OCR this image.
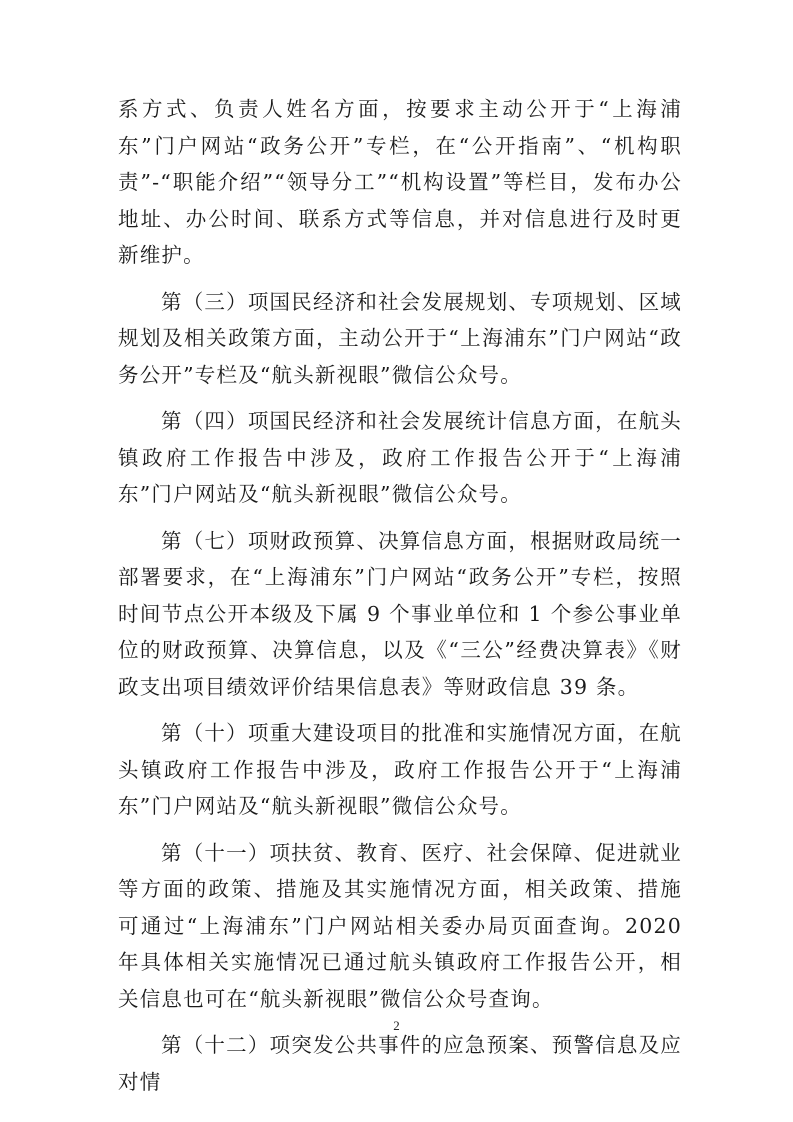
系方式、负责人姓名方面，按要求主动公开于“上海浦东”门户网站“政务公开”专栏，在“公开指南”、“机构职责”-“职能介绍”“领导分工”“机构设置”等栏目，发布办公地址、办公时间、联系方式等信息，并对信息进行及时更新维护。

第（三）项国民经济和社会发展规划、专项规划、区域规划及相关政策方面，主动公开于“上海浦东”门户网站“政务公开”专栏及“航头新视眼”微信公众号。

第（四）项国民经济和社会发展统计信息方面，在航头镇政府工作报告中涉及，政府工作报告公开于“上海浦东”门户网站及“航头新视眼”微信公众号。

第（七）项财政预算、决算信息方面，根据财政局统一部署要求，在“上海浦东”门户网站“政务公开”专栏，按照时间节点公开本级及下属 9 个事业单位和 1 个参公事业单位的财政预算、决算信息，以及《“三公”经费决算表》《财政支出项目绩效评价结果信息表》等财政信息 39 条。

第（十）项重大建设项目的批准和实施情况方面，在航头镇政府工作报告中涉及，政府工作报告公开于“上海浦东”门户网站及“航头新视眼”微信公众号。

第（十一）项扶贫、教育、医疗、社会保障、促进就业等方面的政策、措施及其实施情况方面，相关政策、措施可通过“上海浦东”门户网站相关委办局页面查询。2020 年具体相关实施情况已通过航头镇政府工作报告公开，相关信息也可在“航头新视眼”微信公众号查询。

第（十二）项突发公共事件的应急预案、预警信息及应对情

2
